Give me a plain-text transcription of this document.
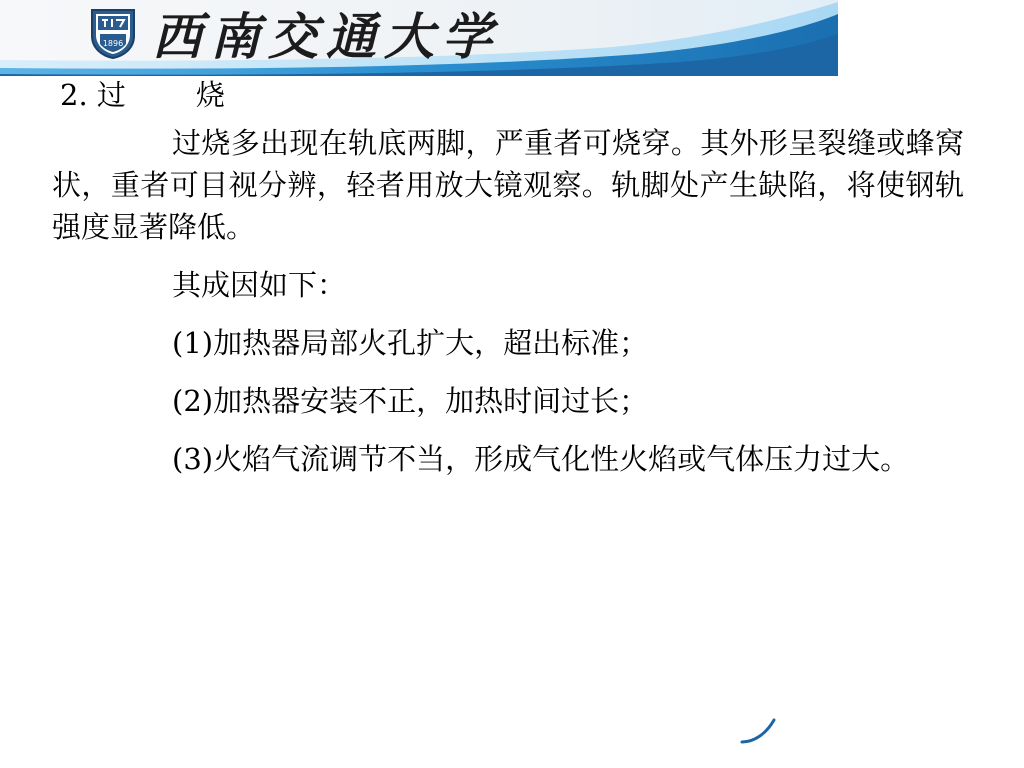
1896 西南交通大学
2. 过 烧

过烧多出现在轨底两脚，严重者可烧穿。其外形呈裂缝或蜂窝状，重者可目视分辨，轻者用放大镜观察。轨脚处产生缺陷，将使钢轨强度显著降低。

其成因如下：

(1)加热器局部火孔扩大，超出标准；

(2)加热器安装不正，加热时间过长；

(3)火焰气流调节不当，形成气化性火焰或气体压力过大。
